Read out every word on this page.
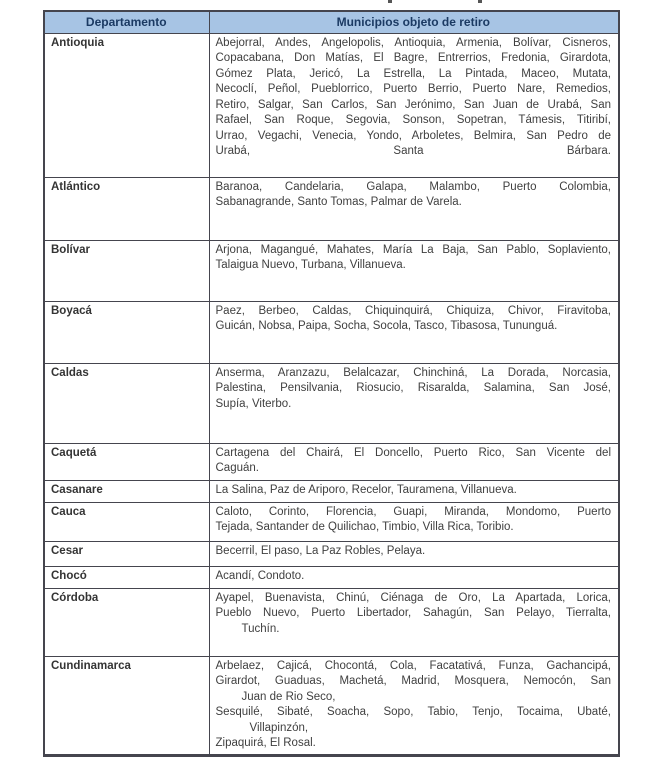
Departamento	Municipios objeto de retiro
Antioquia	Abejorral, Andes, Angelopolis, Antioquia, Armenia, Bolívar, Cisneros,
Copacabana, Don Matías, El Bagre, Entrerrios, Fredonia, Girardota,
Gómez Plata, Jericó, La Estrella, La Pintada, Maceo, Mutata,
Necoclí, Peñol, Pueblorrico, Puerto Berrio, Puerto Nare, Remedios,
Retiro, Salgar, San Carlos, San Jerónimo, San Juan de Urabá, San
Rafael, San Roque, Segovia, Sonson, Sopetran, Támesis, Titiribí,
Urrao, Vegachi, Venecia, Yondo, Arboletes, Belmira, San Pedro de
Urabá, Santa Bárbara.

Atlántico	Baranoa, Candelaria, Galapa, Malambo, Puerto Colombia,
Sabanagrande, Santo Tomas, Palmar de Varela.

Bolívar	Arjona, Magangué, Mahates, María La Baja, San Pablo, Soplaviento,
Talaigua Nuevo, Turbana, Villanueva.

Boyacá	Paez, Berbeo, Caldas, Chiquinquirá, Chiquiza, Chivor, Firavitoba,
Guicán, Nobsa, Paipa, Socha, Socola, Tasco, Tibasosa, Tununguá.

Caldas	Anserma, Aranzazu, Belalcazar, Chinchiná, La Dorada, Norcasia,
Palestina, Pensilvania, Riosucio, Risaralda, Salamina, San José,
Supía, Viterbo.

Caquetá	Cartagena del Chairá, El Doncello, Puerto Rico, San Vicente del
Caguán.

Casanare	La Salina, Paz de Ariporo, Recelor, Tauramena, Villanueva.

Cauca	Caloto, Corinto, Florencia, Guapi, Miranda, Mondomo, Puerto
Tejada, Santander de Quilichao, Timbio, Villa Rica, Toribio.

Cesar	Becerril, El paso, La Paz Robles, Pelaya.

Chocó	Acandí, Condoto.

Córdoba	Ayapel, Buenavista, Chinú, Ciénaga de Oro, La Apartada, Lorica,
Pueblo Nuevo, Puerto Libertador, Sahagún, San Pelayo, Tierralta,
Tuchín.

Cundinamarca	Arbelaez, Cajicá, Chocontá, Cola, Facatativá, Funza, Gachancipá,
Girardot, Guaduas, Machetá, Madrid, Mosquera, Nemocón, San
Juan de Rio Seco,
Sesquilé, Sibaté, Soacha, Sopo, Tabio, Tenjo, Tocaima, Ubaté,
Villapinzón,
Zipaquirá, El Rosal.
